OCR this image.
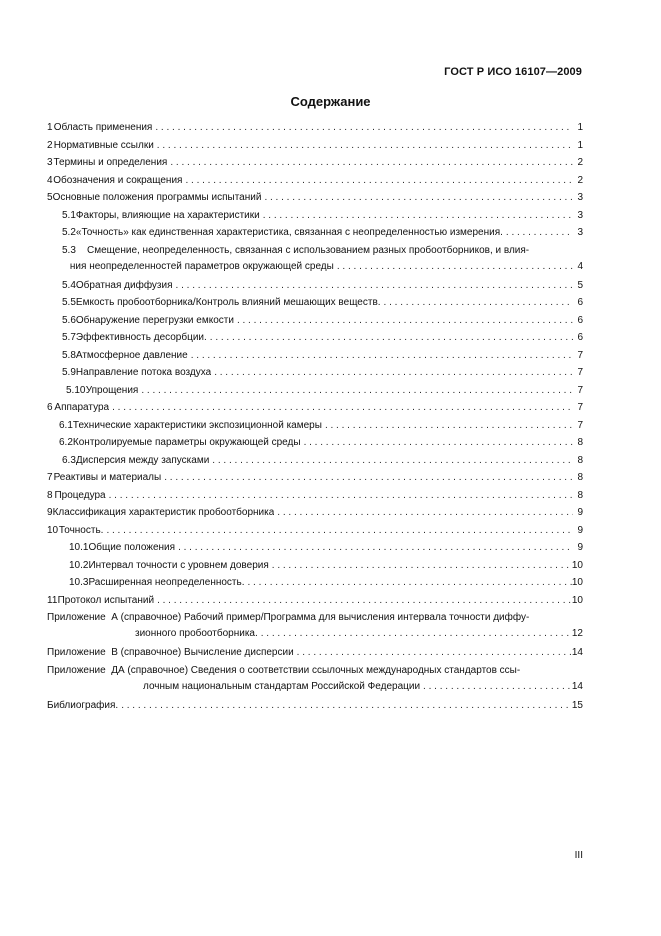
ГОСТ Р ИСО 16107—2009
Содержание
1 Область применения . . .	1
2 Нормативные ссылки . . .	1
3 Термины и определения . . .	2
4 Обозначения и сокращения . . .	2
5 Основные положения программы испытаний . . .	3
5.1 Факторы, влияющие на характеристики . . .	3
5.2 «Точность» как единственная характеристика, связанная с неопределенностью измерения. . . .	3
5.3	Смещение, неопределенность, связанная с использованием разных пробоотборников, и влия-
ния неопределенностей параметров окружающей среды . . .	4
5.4 Обратная диффузия . . .	5
5.5 Емкость пробоотборника/Контроль влияний мешающих веществ. . . .	6
5.6 Обнаружение перегрузки емкости . . .	6
5.7 Эффективность десорбции. . . .	6
5.8 Атмосферное давление . . .	7
5.9 Направление потока воздуха . . .	7
5.10 Упрощения . . .	7
6 Аппаратура . . .	7
6.1 Технические характеристики экспозиционной камеры . . .	7
6.2 Контролируемые параметры окружающей среды . . .	8
6.3 Дисперсия между запусками . . .	8
7 Реактивы и материалы . . .	8
8 Процедура . . .	8
9 Классификация характеристик пробоотборника . . .	9
10 Точность. . . .	9
10.1 Общие положения . . .	9
10.2 Интервал точности с уровнем доверия . . .	10
10.3 Расширенная неопределенность. . . .	10
11 Протокол испытаний . . .	10
Приложение  А (справочное) Рабочий пример/Программа для вычисления интервала точности диффу-
зионного пробоотборника. . . .	12
Приложение  В (справочное) Вычисление дисперсии . . .	14
Приложение  ДА (справочное) Сведения о соответствии ссылочных международных стандартов ссы-
лочным национальным стандартам Российской Федерации . . .	14
Библиография. . . .	15
III
